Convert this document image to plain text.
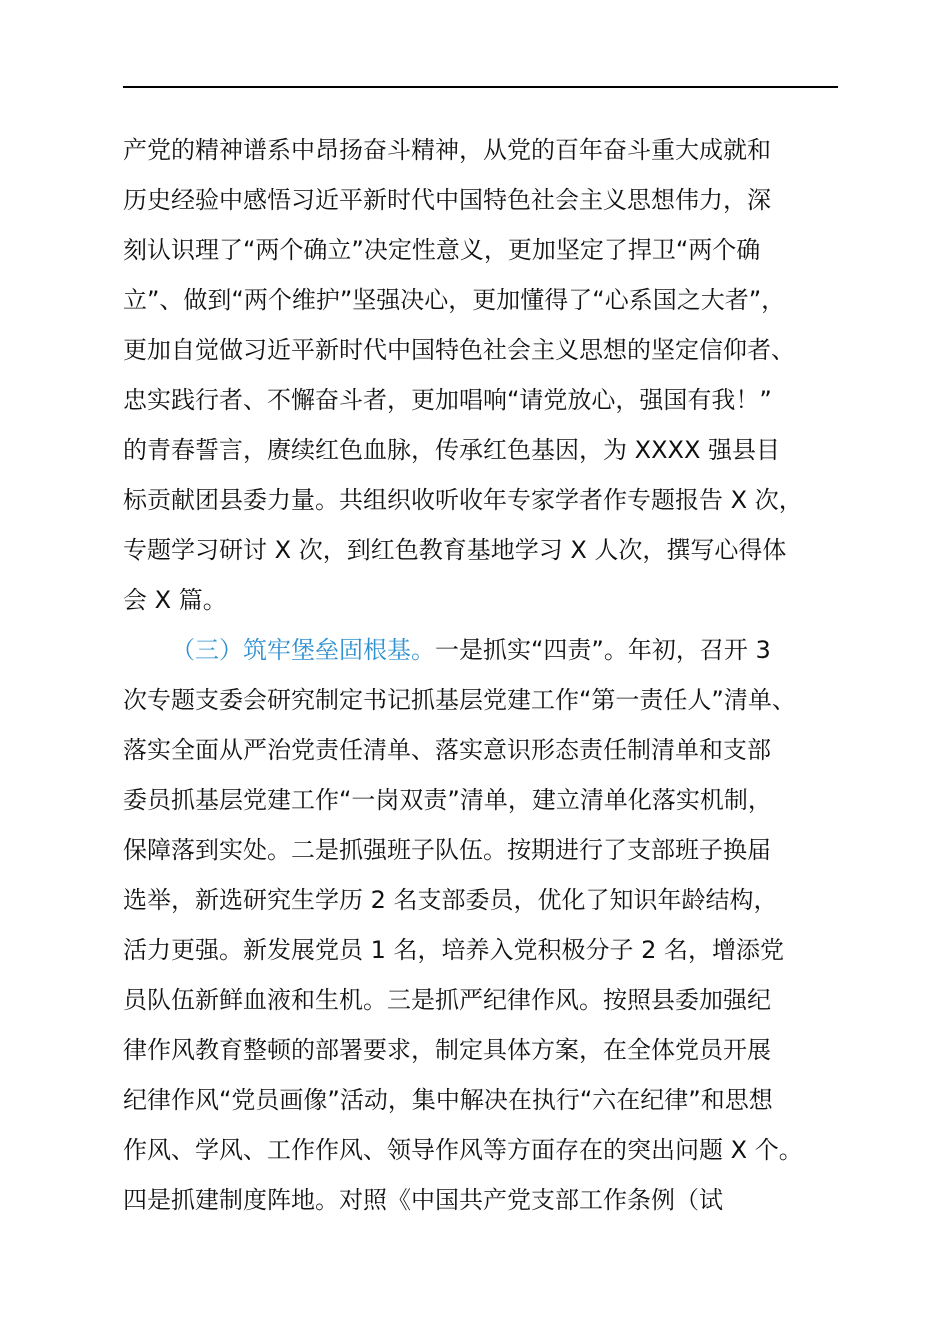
产党的精神谱系中昂扬奋斗精神，从党的百年奋斗重大成就和
历史经验中感悟习近平新时代中国特色社会主义思想伟力，深
刻认识理了“两个确立”决定性意义，更加坚定了捍卫“两个确
立”、做到“两个维护”坚强决心，更加懂得了“心系国之大者”，
更加自觉做习近平新时代中国特色社会主义思想的坚定信仰者、
忠实践行者、不懈奋斗者，更加唱响“请党放心，强国有我！”
的青春誓言，赓续红色血脉，传承红色基因，为 XXXX 强县目
标贡献团县委力量。共组织收听收年专家学者作专题报告 X 次，
专题学习研讨 X 次，到红色教育基地学习 X 人次，撰写心得体
会 X 篇。
（三）筑牢堡垒固根基。一是抓实“四责”。年初，召开 3
次专题支委会研究制定书记抓基层党建工作“第一责任人”清单、
落实全面从严治党责任清单、落实意识形态责任制清单和支部
委员抓基层党建工作“一岗双责”清单，建立清单化落实机制，
保障落到实处。二是抓强班子队伍。按期进行了支部班子换届
选举，新选研究生学历 2 名支部委员，优化了知识年龄结构，
活力更强。新发展党员 1 名，培养入党积极分子 2 名，增添党
员队伍新鲜血液和生机。三是抓严纪律作风。按照县委加强纪
律作风教育整顿的部署要求，制定具体方案，在全体党员开展
纪律作风“党员画像”活动，集中解决在执行“六在纪律”和思想
作风、学风、工作作风、领导作风等方面存在的突出问题 X 个。
四是抓建制度阵地。对照《中国共产党支部工作条例（试
